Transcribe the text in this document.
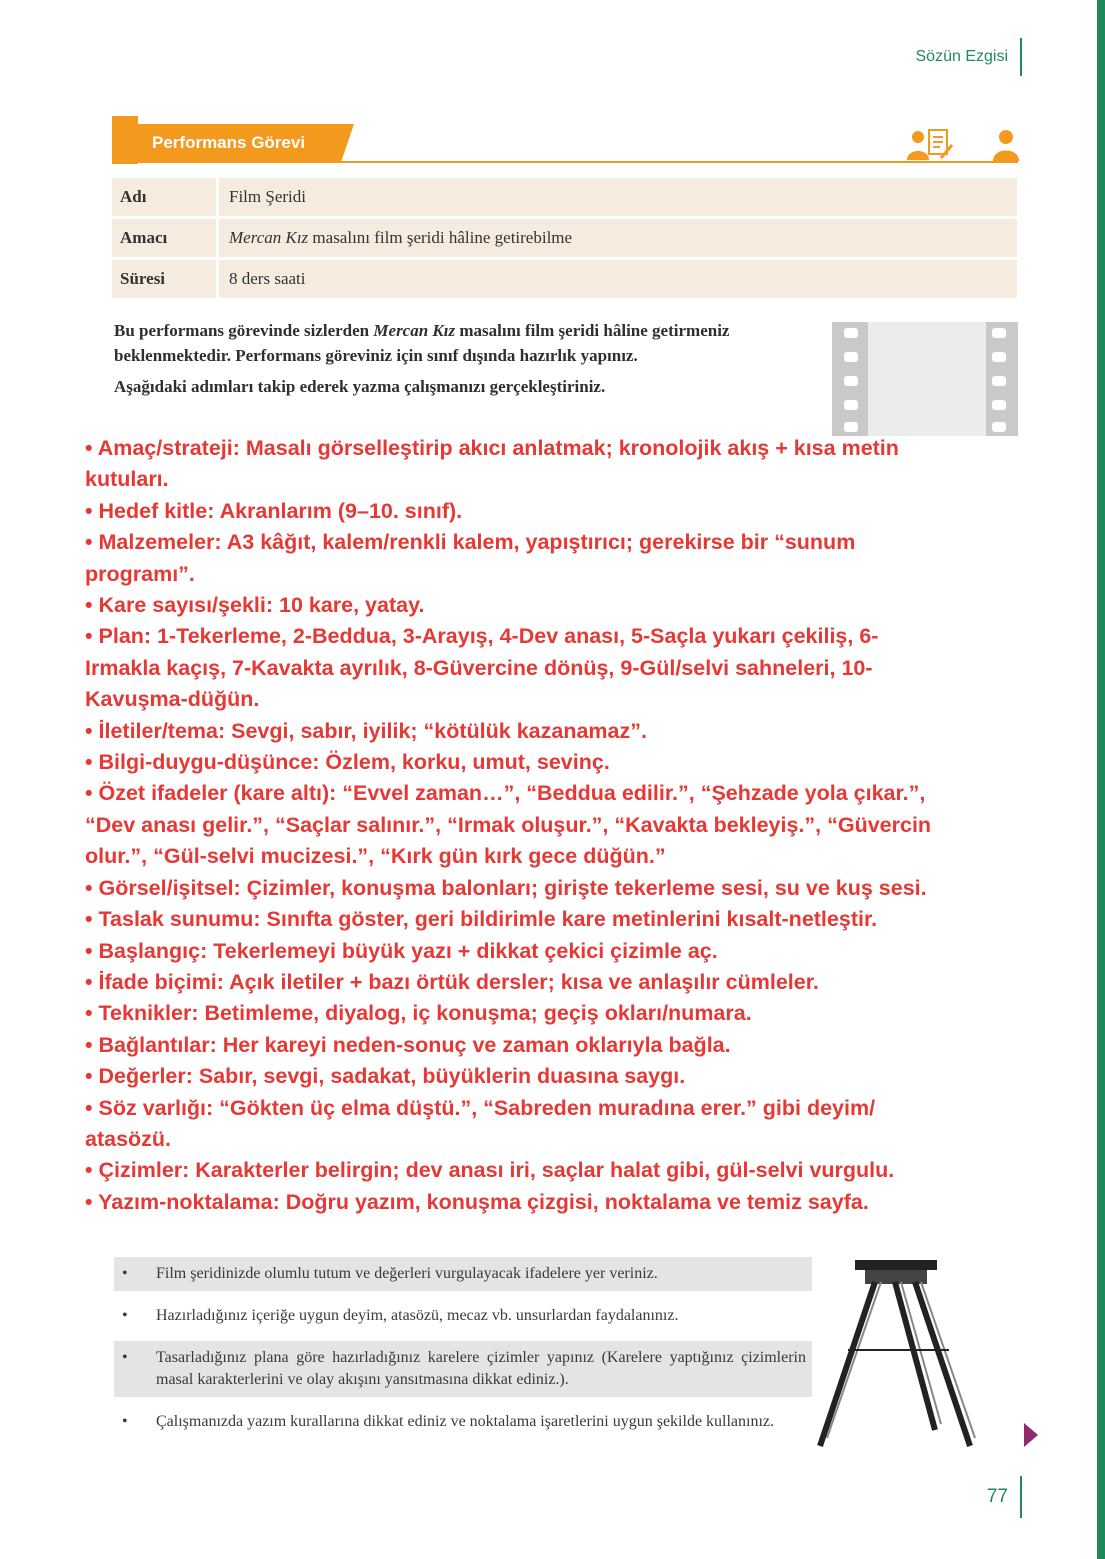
Sözün Ezgisi
Performans Görevi
Adı	Film Şeridi
Amacı	Mercan Kız masalını film şeridi hâline getirebilme
Süresi	8 ders saati

Bu performans görevinde sizlerden Mercan Kız masalını film şeridi hâline getirmeniz beklenmektedir. Performans göreviniz için sınıf dışında hazırlık yapınız.

Aşağıdaki adımları takip ederek yazma çalışmanızı gerçekleştiriniz.

• Amaç/strateji: Masalı görselleştirip akıcı anlatmak; kronolojik akış + kısa metin

kutuları.

• Hedef kitle: Akranlarım (9–10. sınıf).

• Malzemeler: A3 kâğıt, kalem/renkli kalem, yapıştırıcı; gerekirse bir “sunum

programı”.

• Kare sayısı/şekli: 10 kare, yatay.

• Plan: 1-Tekerleme, 2-Beddua, 3-Arayış, 4-Dev anası, 5-Saçla yukarı çekiliş, 6-

Irmakla kaçış, 7-Kavakta ayrılık, 8-Güvercine dönüş, 9-Gül/selvi sahneleri, 10-

Kavuşma-düğün.

• İletiler/tema: Sevgi, sabır, iyilik; “kötülük kazanamaz”.

• Bilgi-duygu-düşünce: Özlem, korku, umut, sevinç.

• Özet ifadeler (kare altı): “Evvel zaman…”, “Beddua edilir.”, “Şehzade yola çıkar.”,

“Dev anası gelir.”, “Saçlar salınır.”, “Irmak oluşur.”, “Kavakta bekleyiş.”, “Güvercin

olur.”, “Gül-selvi mucizesi.”, “Kırk gün kırk gece düğün.”

• Görsel/işitsel: Çizimler, konuşma balonları; girişte tekerleme sesi, su ve kuş sesi.

• Taslak sunumu: Sınıfta göster, geri bildirimle kare metinlerini kısalt-netleştir.

• Başlangıç: Tekerlemeyi büyük yazı + dikkat çekici çizimle aç.

• İfade biçimi: Açık iletiler + bazı örtük dersler; kısa ve anlaşılır cümleler.

• Teknikler: Betimleme, diyalog, iç konuşma; geçiş okları/numara.

• Bağlantılar: Her kareyi neden-sonuç ve zaman oklarıyla bağla.

• Değerler: Sabır, sevgi, sadakat, büyüklerin duasına saygı.

• Söz varlığı: “Gökten üç elma düştü.”, “Sabreden muradına erer.” gibi deyim/

atasözü.

• Çizimler: Karakterler belirgin; dev anası iri, saçlar halat gibi, gül-selvi vurgulu.

• Yazım-noktalama: Doğru yazım, konuşma çizgisi, noktalama ve temiz sayfa.

• Film şeridinizde olumlu tutum ve değerleri vurgulayacak ifadelere yer veriniz.
• Hazırladığınız içeriğe uygun deyim, atasözü, mecaz vb. unsurlardan faydalanınız.
• Tasarladığınız plana göre hazırladığınız karelere çizimler yapınız (Karelere yaptığınız çizimlerin masal karakterlerini ve olay akışını yansıtmasına dikkat ediniz.).
• Çalışmanızda yazım kurallarına dikkat ediniz ve noktalama işaretlerini uygun şekilde kullanınız.
77
